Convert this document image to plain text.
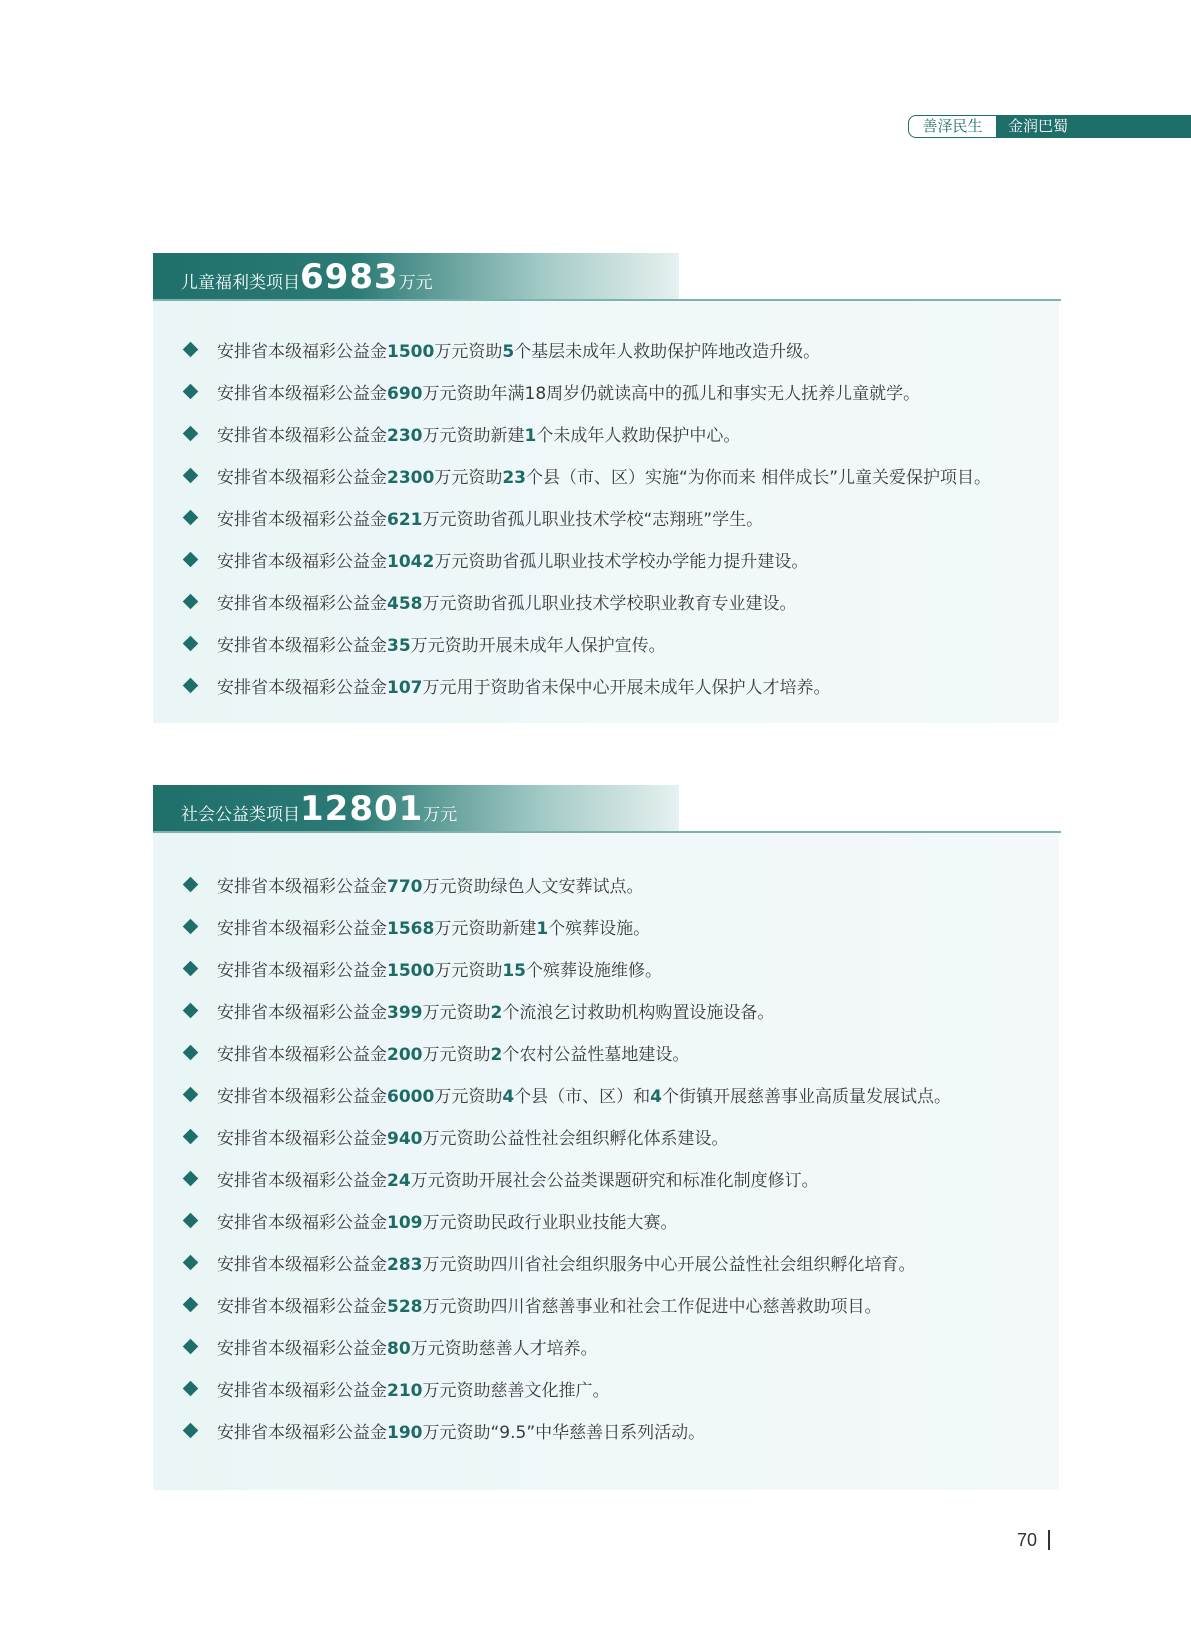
善泽民生	金润巴蜀
儿童福利类项目 6983 万元
安排省本级福彩公益金1500万元资助5个基层未成年人救助保护阵地改造升级。
安排省本级福彩公益金690万元资助年满18周岁仍就读高中的孤儿和事实无人抚养儿童就学。
安排省本级福彩公益金230万元资助新建1个未成年人救助保护中心。
安排省本级福彩公益金2300万元资助23个县（市、区）实施“为你而来 相伴成长”儿童关爱保护项目。
安排省本级福彩公益金621万元资助省孤儿职业技术学校“志翔班”学生。
安排省本级福彩公益金1042万元资助省孤儿职业技术学校办学能力提升建设。
安排省本级福彩公益金458万元资助省孤儿职业技术学校职业教育专业建设。
安排省本级福彩公益金35万元资助开展未成年人保护宣传。
安排省本级福彩公益金107万元用于资助省未保中心开展未成年人保护人才培养。
社会公益类项目 12801 万元
安排省本级福彩公益金770万元资助绿色人文安葬试点。
安排省本级福彩公益金1568万元资助新建1个殡葬设施。
安排省本级福彩公益金1500万元资助15个殡葬设施维修。
安排省本级福彩公益金399万元资助2个流浪乞讨救助机构购置设施设备。
安排省本级福彩公益金200万元资助2个农村公益性墓地建设。
安排省本级福彩公益金6000万元资助4个县（市、区）和4个街镇开展慈善事业高质量发展试点。
安排省本级福彩公益金940万元资助公益性社会组织孵化体系建设。
安排省本级福彩公益金24万元资助开展社会公益类课题研究和标准化制度修订。
安排省本级福彩公益金109万元资助民政行业职业技能大赛。
安排省本级福彩公益金283万元资助四川省社会组织服务中心开展公益性社会组织孵化培育。
安排省本级福彩公益金528万元资助四川省慈善事业和社会工作促进中心慈善救助项目。
安排省本级福彩公益金80万元资助慈善人才培养。
安排省本级福彩公益金210万元资助慈善文化推广。
安排省本级福彩公益金190万元资助“9.5”中华慈善日系列活动。
70
